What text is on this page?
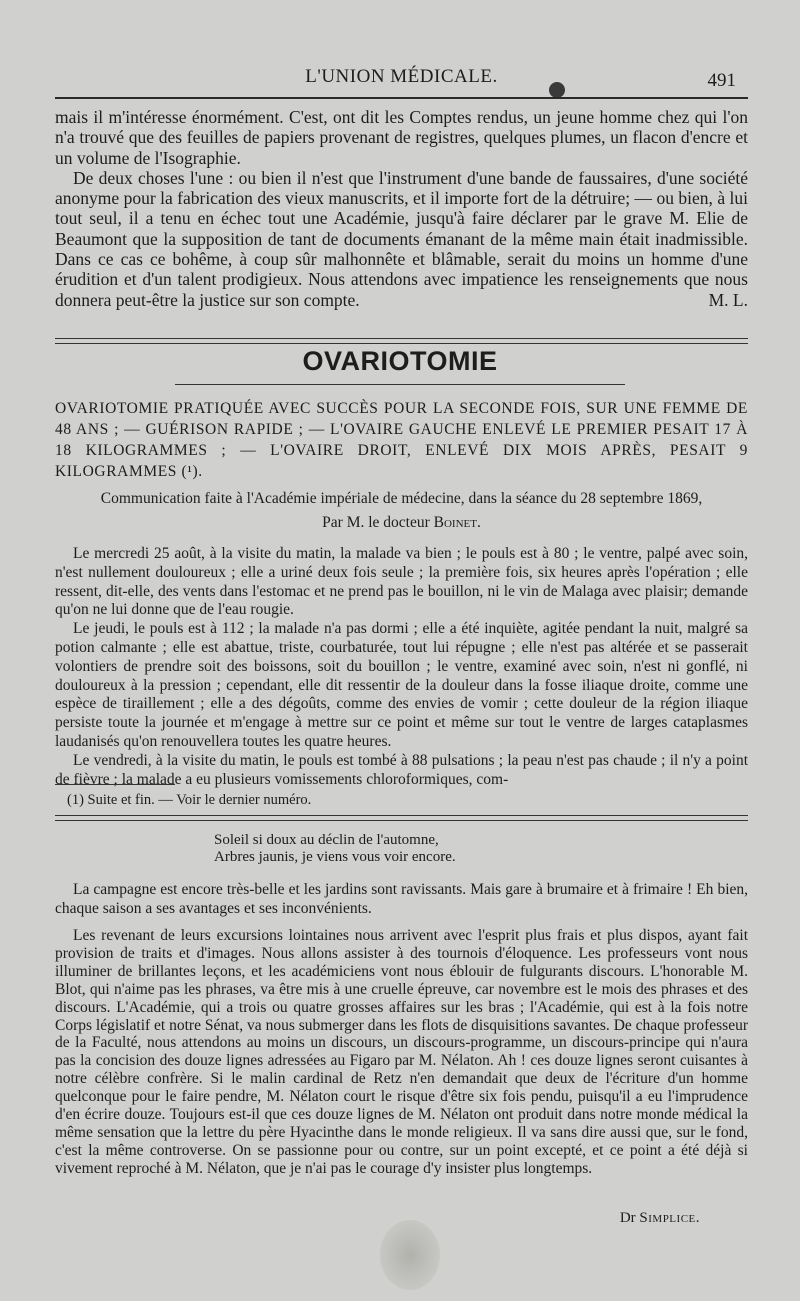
L'UNION MÉDICALE.	491

mais il m'intéresse énormément. C'est, ont dit les Comptes rendus, un jeune homme chez qui l'on n'a trouvé que des feuilles de papiers provenant de registres, quelques plumes, un flacon d'encre et un volume de l'Isographie.

De deux choses l'une : ou bien il n'est que l'instrument d'une bande de faussaires, d'une société anonyme pour la fabrication des vieux manuscrits, et il importe fort de la détruire; — ou bien, à lui tout seul, il a tenu en échec tout une Académie, jusqu'à faire déclarer par le grave M. Elie de Beaumont que la supposition de tant de documents émanant de la même main était inadmissible. Dans ce cas ce bohême, à coup sûr malhonnête et blâmable, serait du moins un homme d'une érudition et d'un talent prodigieux. Nous attendons avec impatience les renseignements que nous donnera peut-être la justice sur son compte.	M. L.

OVARIOTOMIE

OVARIOTOMIE PRATIQUÉE AVEC SUCCÈS POUR LA SECONDE FOIS, SUR UNE FEMME DE 48 ANS ; — GUÉRISON RAPIDE ; — L'OVAIRE GAUCHE ENLEVÉ LE PREMIER PESAIT 17 À 18 KILOGRAMMES ; — L'OVAIRE DROIT, ENLEVÉ DIX MOIS APRÈS, PESAIT 9 KILOGRAMMES (¹).

Communication faite à l'Académie impériale de médecine, dans la séance du 28 septembre 1869,
Par M. le docteur Boinet.

Le mercredi 25 août, à la visite du matin, la malade va bien ; le pouls est à 80 ; le ventre, palpé avec soin, n'est nullement douloureux ; elle a uriné deux fois seule ; la première fois, six heures après l'opération ; elle ressent, dit-elle, des vents dans l'estomac et ne prend pas le bouillon, ni le vin de Malaga avec plaisir; demande qu'on ne lui donne que de l'eau rougie.

Le jeudi, le pouls est à 112 ; la malade n'a pas dormi ; elle a été inquiète, agitée pendant la nuit, malgré sa potion calmante ; elle est abattue, triste, courbaturée, tout lui répugne ; elle n'est pas altérée et se passerait volontiers de prendre soit des boissons, soit du bouillon ; le ventre, examiné avec soin, n'est ni gonflé, ni douloureux à la pression ; cependant, elle dit ressentir de la douleur dans la fosse iliaque droite, comme une espèce de tiraillement ; elle a des dégoûts, comme des envies de vomir ; cette douleur de la région iliaque persiste toute la journée et m'engage à mettre sur ce point et même sur tout le ventre de larges cataplasmes laudanisés qu'on renouvellera toutes les quatre heures.

Le vendredi, à la visite du matin, le pouls est tombé à 88 pulsations ; la peau n'est pas chaude ; il n'y a point de fièvre ; la malade a eu plusieurs vomissements chloroformiques, com-

(1) Suite et fin. — Voir le dernier numéro.
Soleil si doux au déclin de l'automne,
Arbres jaunis, je viens vous voir encore.

La campagne est encore très-belle et les jardins sont ravissants. Mais gare à brumaire et à frimaire ! Eh bien, chaque saison a ses avantages et ses inconvénients.

Les revenant de leurs excursions lointaines nous arrivent avec l'esprit plus frais et plus dispos, ayant fait provision de traits et d'images. Nous allons assister à des tournois d'éloquence. Les professeurs vont nous illuminer de brillantes leçons, et les académiciens vont nous éblouir de fulgurants discours. L'honorable M. Blot, qui n'aime pas les phrases, va être mis à une cruelle épreuve, car novembre est le mois des phrases et des discours. L'Académie, qui a trois ou quatre grosses affaires sur les bras ; l'Académie, qui est à la fois notre Corps législatif et notre Sénat, va nous submerger dans les flots de disquisitions savantes. De chaque professeur de la Faculté, nous attendons au moins un discours, un discours-programme, un discours-principe qui n'aura pas la concision des douze lignes adressées au Figaro par M. Nélaton. Ah ! ces douze lignes seront cuisantes à notre célèbre confrère. Si le malin cardinal de Retz n'en demandait que deux de l'écriture d'un homme quelconque pour le faire pendre, M. Nélaton court le risque d'être six fois pendu, puisqu'il a eu l'imprudence d'en écrire douze. Toujours est-il que ces douze lignes de M. Nélaton ont produit dans notre monde médical la même sensation que la lettre du père Hyacinthe dans le monde religieux. Il va sans dire aussi que, sur le fond, c'est la même controverse. On se passionne pour ou contre, sur un point excepté, et ce point a été déjà si vivement reproché à M. Nélaton, que je n'ai pas le courage d'y insister plus longtemps.

Dr Simplice.
